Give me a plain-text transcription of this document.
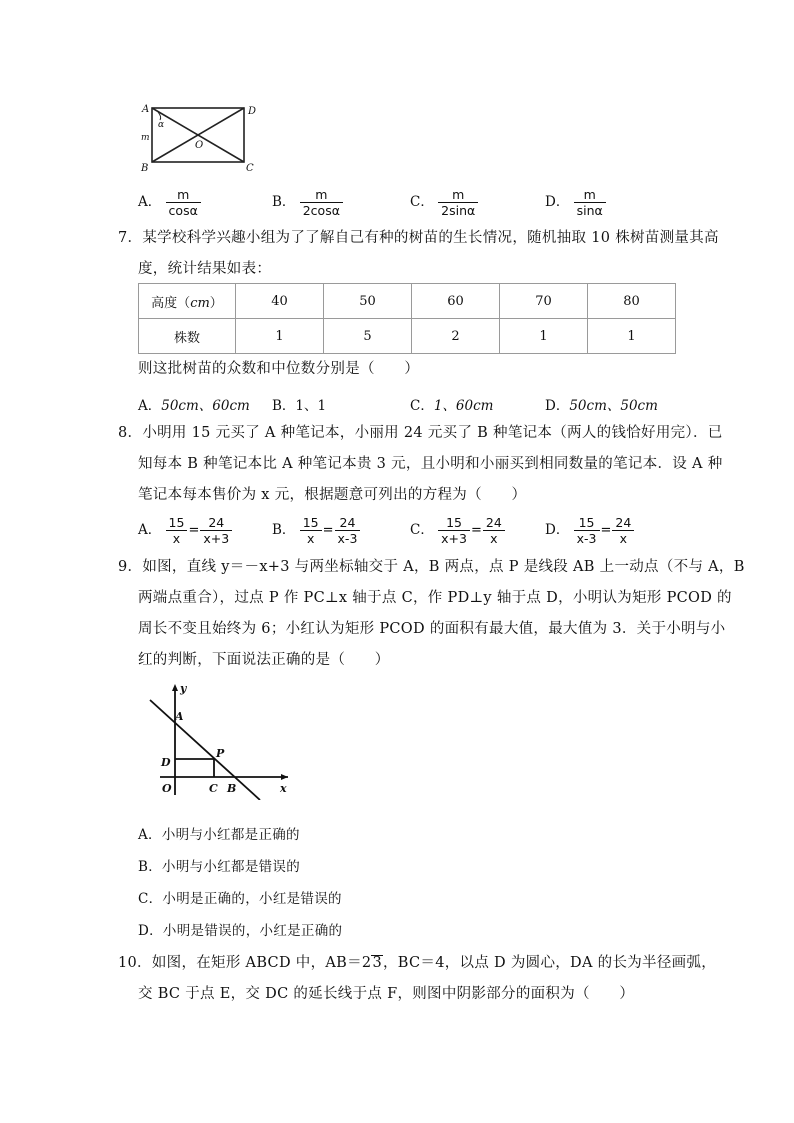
A	D
B	C
O
m
α
A． $\frac{m}{\cos\alpha}$	B． $\frac{m}{2\cos\alpha}$	C． $\frac{m}{2\sin\alpha}$	D． $\frac{m}{\sin\alpha}$
7．某学校科学兴趣小组为了了解自己有种的树苗的生长情况，随机抽取 10 株树苗测量其高
度，统计结果如表：
高度（cm）	40	50	60	70	80
株数	1	5	2	1	1
则这批树苗的众数和中位数分别是（　　）
A．50cm、60cm B．1、1	C．1、60cm	D．50cm、50cm
8．小明用 15 元买了 A 种笔记本，小丽用 24 元买了 B 种笔记本（两人的钱恰好用完）．已
知每本 B 种笔记本比 A 种笔记本贵 3 元，且小明和小丽买到相同数量的笔记本．设 A 种
笔记本每本售价为 x 元，根据题意可列出的方程为（　　）
A． $\frac{15}{x} = \frac{24}{x+3}$	B． $\frac{15}{x} = \frac{24}{x-3}$	C． $\frac{15}{x+3} = \frac{24}{x}$	D． $\frac{15}{x-3} = \frac{24}{x}$
9．如图，直线 y＝－x+3 与两坐标轴交于 A，B 两点，点 P 是线段 AB 上一动点（不与 A，B
两端点重合），过点 P 作 PC⊥x 轴于点 C，作 PD⊥y 轴于点 D，小明认为矩形 PCOD 的
周长不变且始终为 6；小红认为矩形 PCOD 的面积有最大值，最大值为 3．关于小明与小
红的判断，下面说法正确的是（　　）
y
x
A
D
P
O	C B
A．小明与小红都是正确的
B．小明与小红都是错误的
C．小明是正确的，小红是错误的
D．小明是错误的，小红是正确的
10．如图，在矩形 ABCD 中，AB＝23，BC＝4，以点 D 为圆心，DA 的长为半径画弧，
交 BC 于点 E，交 DC 的延长线于点 F，则图中阴影部分的面积为（　　）
